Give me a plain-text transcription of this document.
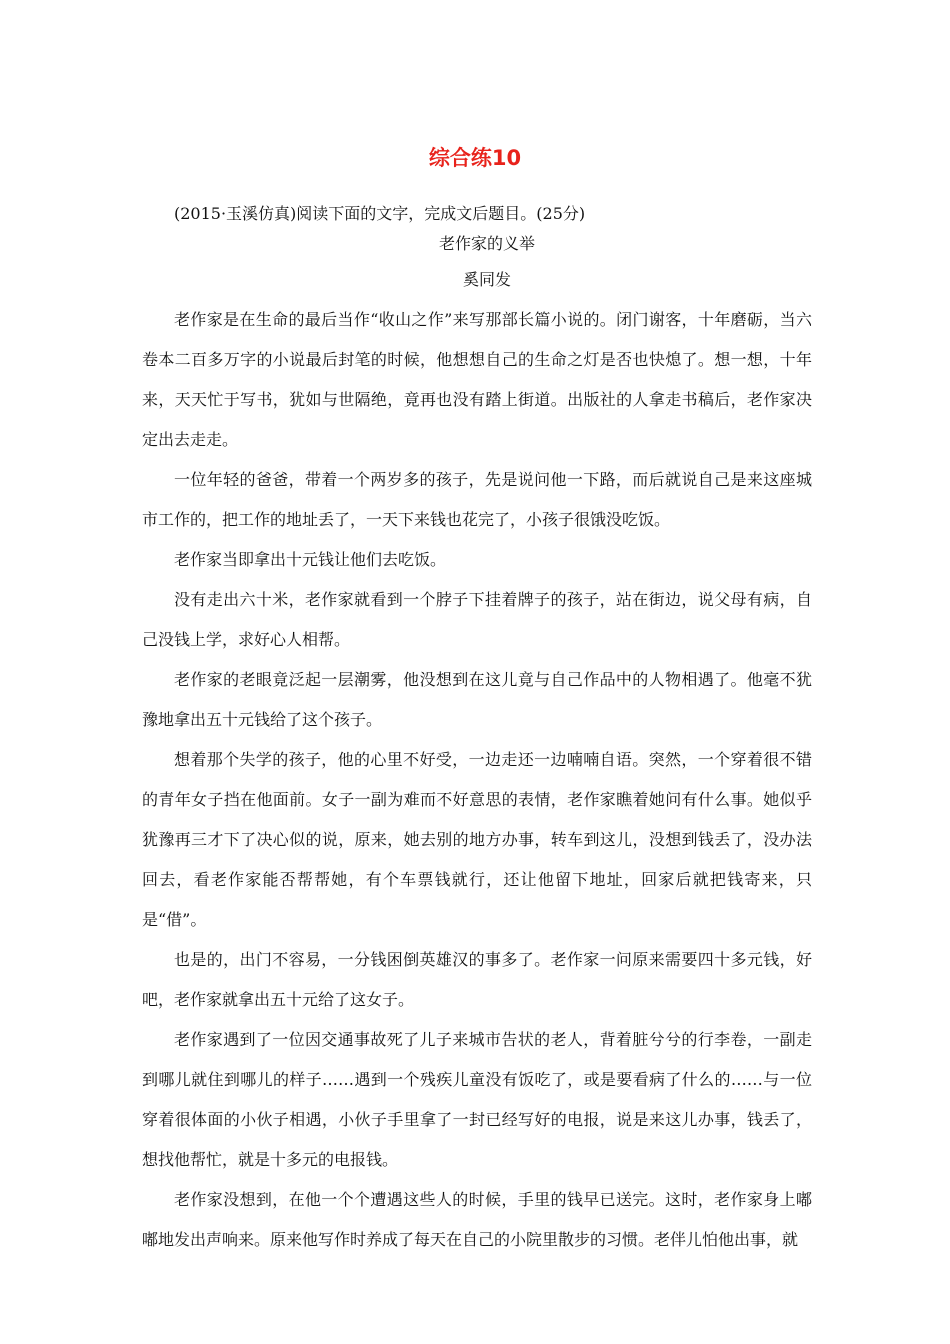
综合练10

(2015·玉溪仿真)阅读下面的文字，完成文后题目。(25分)

老作家的义举

奚同发

老作家是在生命的最后当作“收山之作”来写那部长篇小说的。闭门谢客，十年磨砺，当六卷本二百多万字的小说最后封笔的时候，他想想自己的生命之灯是否也快熄了。想一想，十年来，天天忙于写书，犹如与世隔绝，竟再也没有踏上街道。出版社的人拿走书稿后，老作家决定出去走走。

一位年轻的爸爸，带着一个两岁多的孩子，先是说问他一下路，而后就说自己是来这座城市工作的，把工作的地址丢了，一天下来钱也花完了，小孩子很饿没吃饭。

老作家当即拿出十元钱让他们去吃饭。

没有走出六十米，老作家就看到一个脖子下挂着牌子的孩子，站在街边，说父母有病，自己没钱上学，求好心人相帮。

老作家的老眼竟泛起一层潮雾，他没想到在这儿竟与自己作品中的人物相遇了。他毫不犹豫地拿出五十元钱给了这个孩子。

想着那个失学的孩子，他的心里不好受，一边走还一边喃喃自语。突然，一个穿着很不错的青年女子挡在他面前。女子一副为难而不好意思的表情，老作家瞧着她问有什么事。她似乎犹豫再三才下了决心似的说，原来，她去别的地方办事，转车到这儿，没想到钱丢了，没办法回去，看老作家能否帮帮她，有个车票钱就行，还让他留下地址，回家后就把钱寄来，只是“借”。

也是的，出门不容易，一分钱困倒英雄汉的事多了。老作家一问原来需要四十多元钱，好吧，老作家就拿出五十元给了这女子。

老作家遇到了一位因交通事故死了儿子来城市告状的老人，背着脏兮兮的行李卷，一副走到哪儿就住到哪儿的样子……遇到一个残疾儿童没有饭吃了，或是要看病了什么的……与一位穿着很体面的小伙子相遇，小伙子手里拿了一封已经写好的电报，说是来这儿办事，钱丢了，想找他帮忙，就是十多元的电报钱。

老作家没想到，在他一个个遭遇这些人的时候，手里的钱早已送完。这时，老作家身上嘟嘟地发出声响来。原来他写作时养成了每天在自己的小院里散步的习惯。老伴儿怕他出事，就
